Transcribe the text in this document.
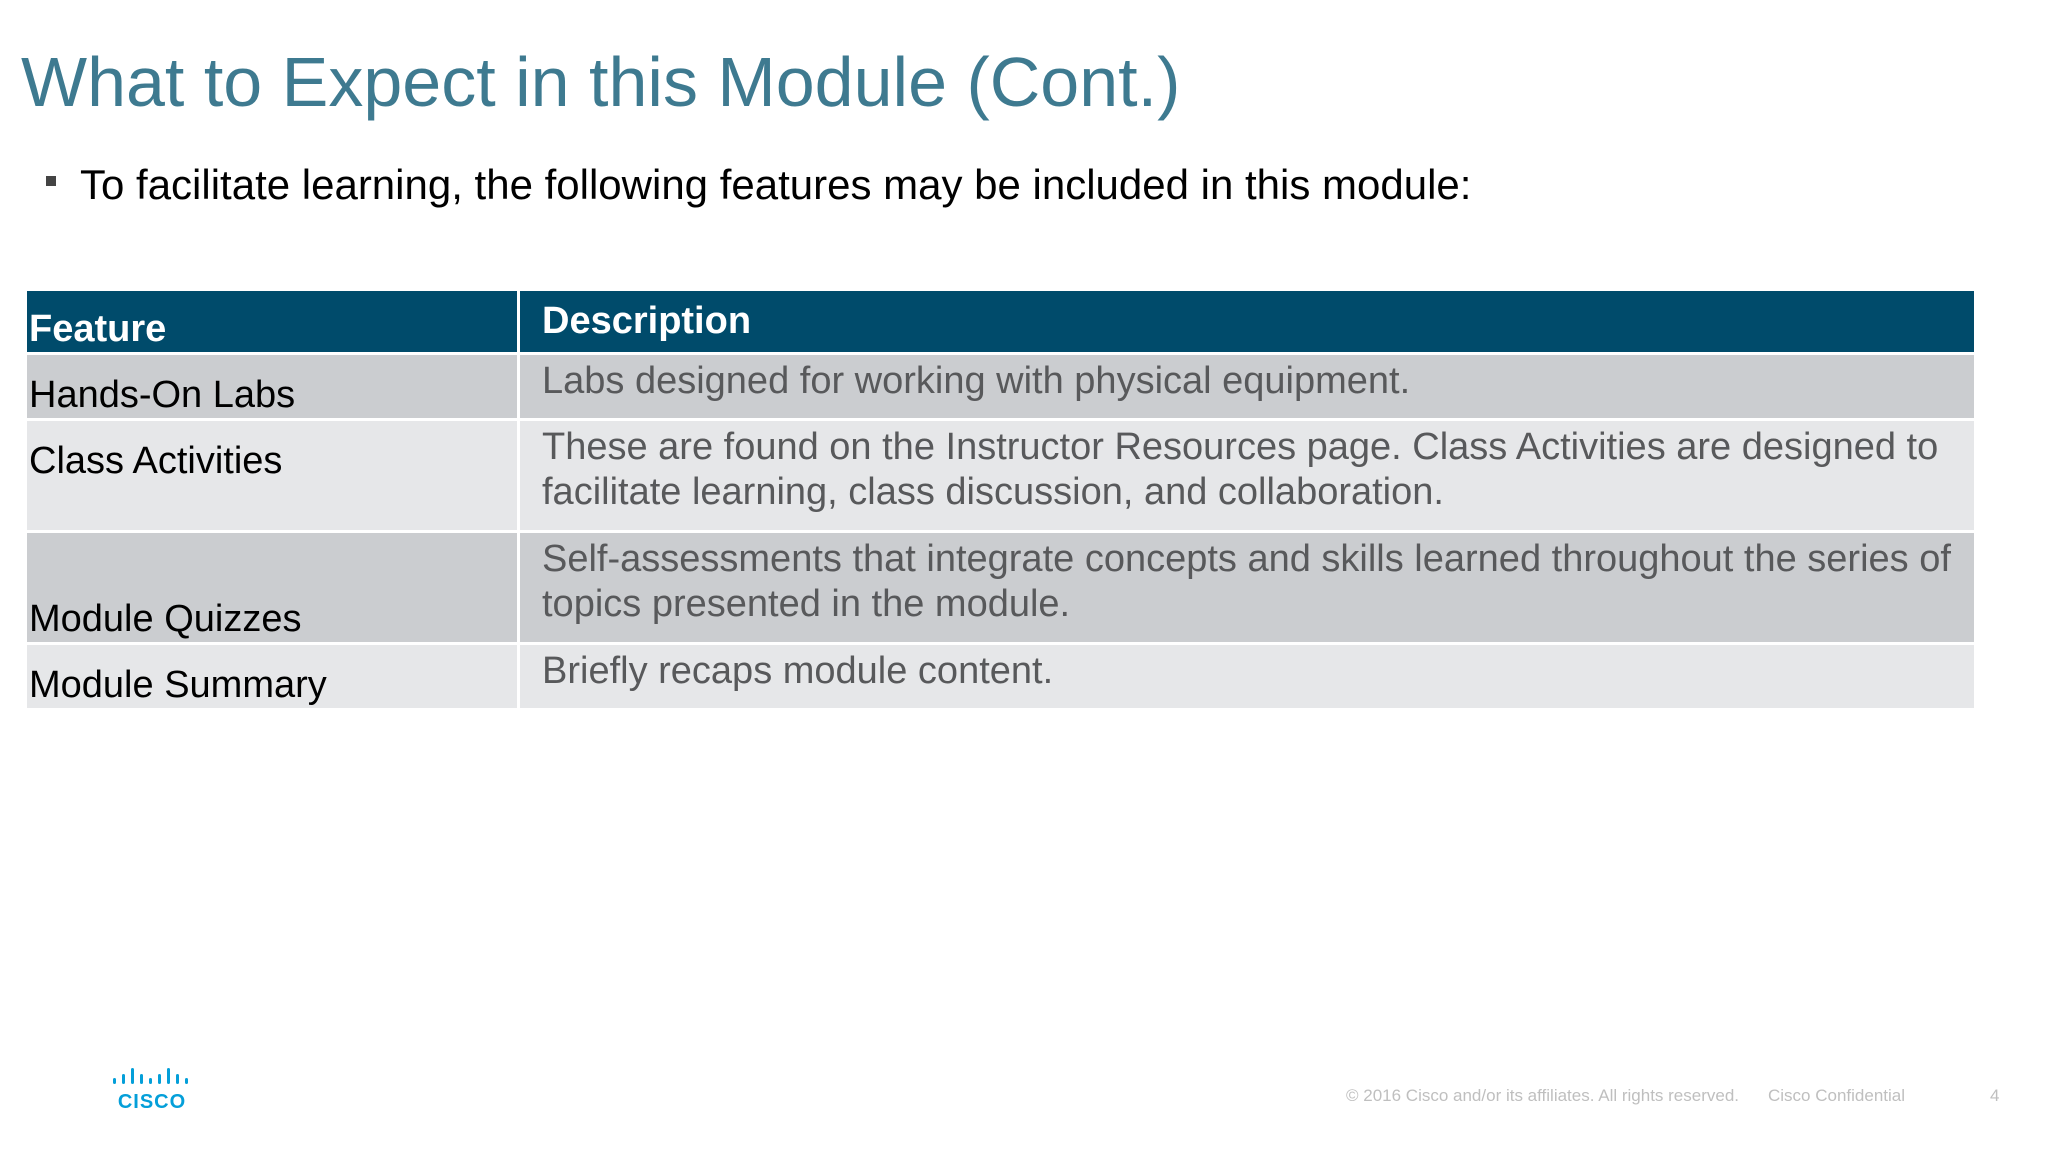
What to Expect in this Module (Cont.)
To facilitate learning, the following features may be included in this module:
Feature	Description
Hands-On Labs	Labs designed for working with physical equipment.
Class Activities	These are found on the Instructor Resources page. Class Activities are designed to facilitate learning, class discussion, and collaboration.
Module Quizzes	Self-assessments that integrate concepts and skills learned throughout the series of topics presented in the module.
Module Summary	Briefly recaps module content.
CISCO	© 2016 Cisco and/or its affiliates. All rights reserved. Cisco Confidential	4
